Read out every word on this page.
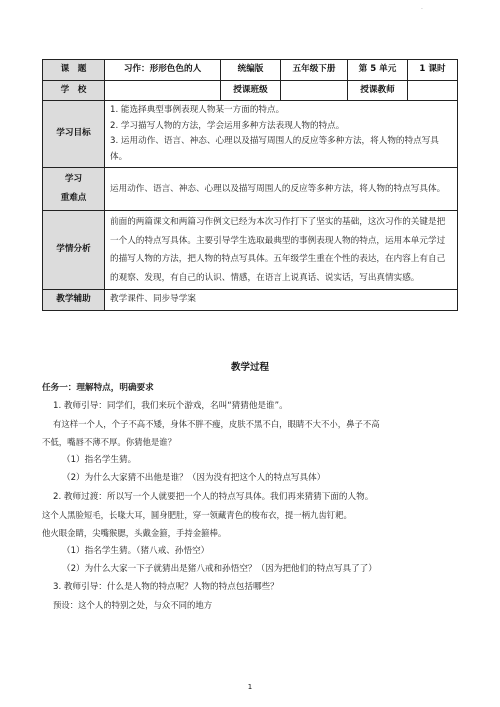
·
课　题	习作：形形色色的人	统编版	五年级下册	第 5 单元	1 课时
学　校		授课班级		授课教师	
学习目标	1. 能选择典型事例表现人物某一方面的特点。

2. 学习描写人物的方法，学会运用多种方法表现人物的特点。

3. 运用动作、语言、神态、心理以及描写周围人的反应等多种方法，将人物的特点写具体。				

学习
重难点	运用动作、语言、神态、心理以及描写周围人的反应等多种方法，将人物的特点写具体。				
学情分析	前面的两篇课文和两篇习作例文已经为本次习作打下了坚实的基础，这次习作的关键是把一个人的特点写具体。主要引导学生选取最典型的事例表现人物的特点，运用本单元学过的描写人物的方法，把人物的特点写具体。五年级学生重在个性的表达，在内容上有自己的观察、发现，有自己的认识、情感，在语言上说真话、说实话，写出真情实感。				
教学辅助	教学课件、同步导学案				
教学过程

任务一：理解特点，明确要求

1. 教师引导：同学们，我们来玩个游戏，名叫“猜猜他是谁”。

有这样一个人，个子不高不矮，身体不胖不瘦，皮肤不黑不白，眼睛不大不小，鼻子不高

不低，嘴唇不薄不厚。你猜他是谁？

（1）指名学生猜。

（2）为什么大家猜不出他是谁？（因为没有把这个人的特点写具体）

2. 教师过渡：所以写一个人就要把一个人的特点写具体。我们再来猜猜下面的人物。

这个人黑脸短毛，长喙大耳，圆身肥肚，穿一领藏青色的梭布衣，提一柄九齿钉耙。

他火眼金睛，尖嘴猴腮，头戴金箍，手持金箍棒。

（1）指名学生猜。（猪八戒、孙悟空）

（2）为什么大家一下子就猜出是猪八戒和孙悟空？（因为把他们的特点写具了了）

3. 教师引导：什么是人物的特点呢？人物的特点包括哪些？

预设：这个人的特别之处，与众不同的地方

1
